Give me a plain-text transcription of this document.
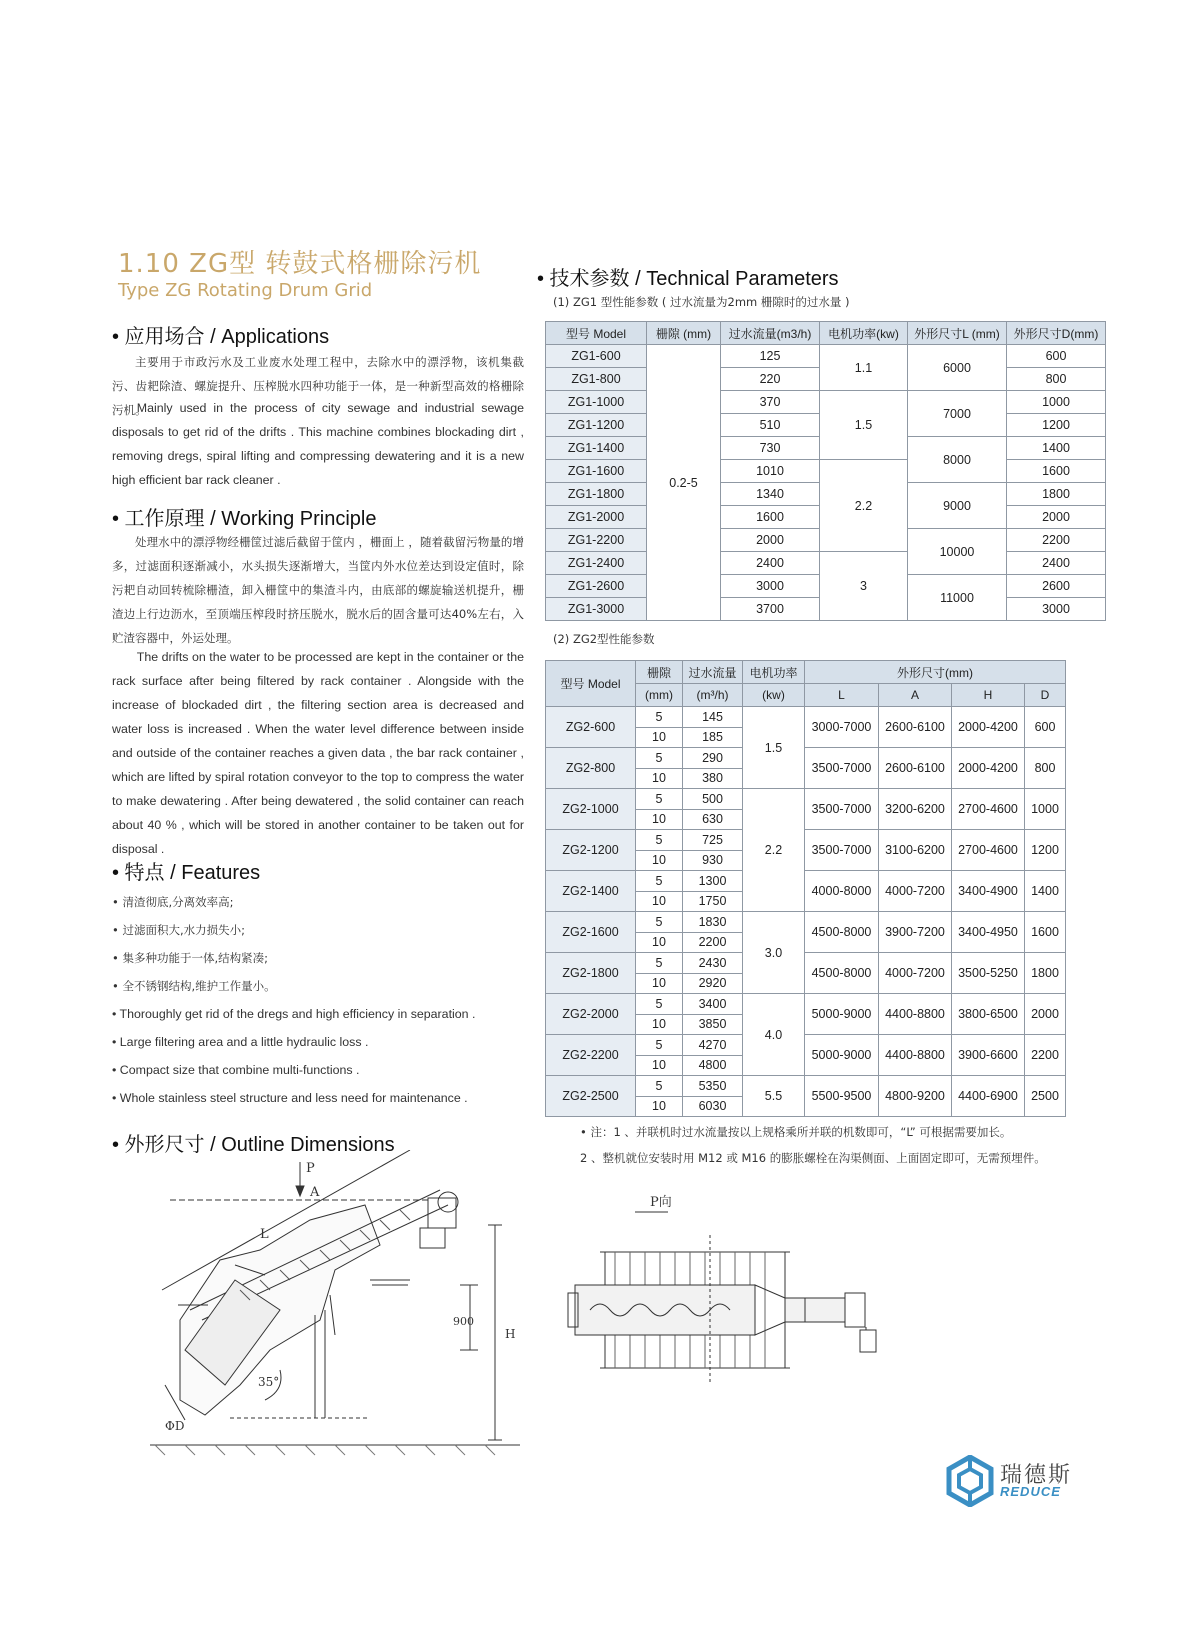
1.10 ZG型 转鼓式格栅除污机
Type ZG Rotating Drum Grid
• 应用场合 / Applications
主要用于市政污水及工业废水处理工程中，去除水中的漂浮物，该机集截污、齿耙除渣、螺旋提升、压榨脱水四种功能于一体，是一种新型高效的格栅除污机。
Mainly used in the process of city sewage and industrial sewage disposals to get rid of the drifts . This machine combines blockading dirt , removing dregs, spiral lifting and compressing dewatering and it is a new high efficient bar rack cleaner .
• 工作原理 / Working Principle
处理水中的漂浮物经栅筐过滤后截留于筐内 ，栅面上 ，随着截留污物量的增多，过滤面积逐渐减小，水头损失逐渐增大，当筐内外水位差达到设定值时，除污耙自动回转梳除栅渣，卸入栅筐中的集渣斗内，由底部的螺旋输送机提升，栅渣边上行边沥水，至顶端压榨段时挤压脱水，脱水后的固含量可达40%左右，入贮渣容器中，外运处理。
The drifts on the water to be processed are kept in the container or the rack surface after being filtered by rack container . Alongside with the increase of blockaded dirt , the filtering section area is decreased and water loss is increased . When the water level difference between inside and outside of the container reaches a given data , the bar rack container , which are lifted by spiral rotation conveyor to the top to compress the water to make dewatering . After being dewatered , the solid container can reach about 40 % , which will be stored in another container to be taken out for disposal .
• 特点 / Features
• 清渣彻底,分离效率高;
• 过滤面积大,水力损失小;
• 集多种功能于一体,结构紧凑;
• 全不锈钢结构,维护工作量小。
• Thoroughly get rid of the dregs and high efficiency in separation .
• Large filtering area and a little hydraulic loss .
• Compact size that combine multi-functions .
• Whole stainless steel structure and less need for maintenance .
• 外形尺寸 / Outline Dimensions
P
A
L
H
900
35°
ΦD
• 技术参数 / Technical Parameters
(1) ZG1 型性能参数 ( 过水流量为2mm 栅隙时的过水量 )
型号 Model	栅隙 (mm)	过水流量(m3/h)	电机功率(kw)	外形尺寸L (mm)	外形尺寸D(mm)
ZG1-600	0.2-5	125	1.1	6000	600
ZG1-800		220			800
ZG1-1000		370	1.5	7000	1000
ZG1-1200		510			1200
ZG1-1400		730		8000	1400
ZG1-1600		1010	2.2		1600
ZG1-1800		1340		9000	1800
ZG1-2000		1600			2000
ZG1-2200		2000		10000	2200
ZG1-2400		2400	3		2400
ZG1-2600		3000		11000	2600
ZG1-3000		3700			3000
(2) ZG2型性能参数
型号 Model	栅隙	过水流量	电机功率	外形尺寸(mm)			
	(mm)	(m³/h)	(kw)	L	A	H	D
ZG2-600	5	145	1.5	3000-7000	2600-6100	2000-4200	600
	10	185					
ZG2-800	5	290		3500-7000	2600-6100	2000-4200	800
	10	380					
ZG2-1000	5	500	2.2	3500-7000	3200-6200	2700-4600	1000
	10	630					
ZG2-1200	5	725		3500-7000	3100-6200	2700-4600	1200
	10	930					
ZG2-1400	5	1300		4000-8000	4000-7200	3400-4900	1400
	10	1750					
ZG2-1600	5	1830	3.0	4500-8000	3900-7200	3400-4950	1600
	10	2200					
ZG2-1800	5	2430		4500-8000	4000-7200	3500-5250	1800
	10	2920					
ZG2-2000	5	3400	4.0	5000-9000	4400-8800	3800-6500	2000
	10	3850					
ZG2-2200	5	4270		5000-9000	4400-8800	3900-6600	2200
	10	4800					
ZG2-2500	5	5350	5.5	5500-9500	4800-9200	4400-6900	2500
	10	6030					
• 注：1 、并联机时过水流量按以上规格乘所并联的机数即可，“L” 可根据需要加长。
2 、整机就位安装时用 M12 或 M16 的膨胀螺栓在沟渠侧面、上面固定即可，无需预埋件。
P向
瑞德斯
REDUCE
